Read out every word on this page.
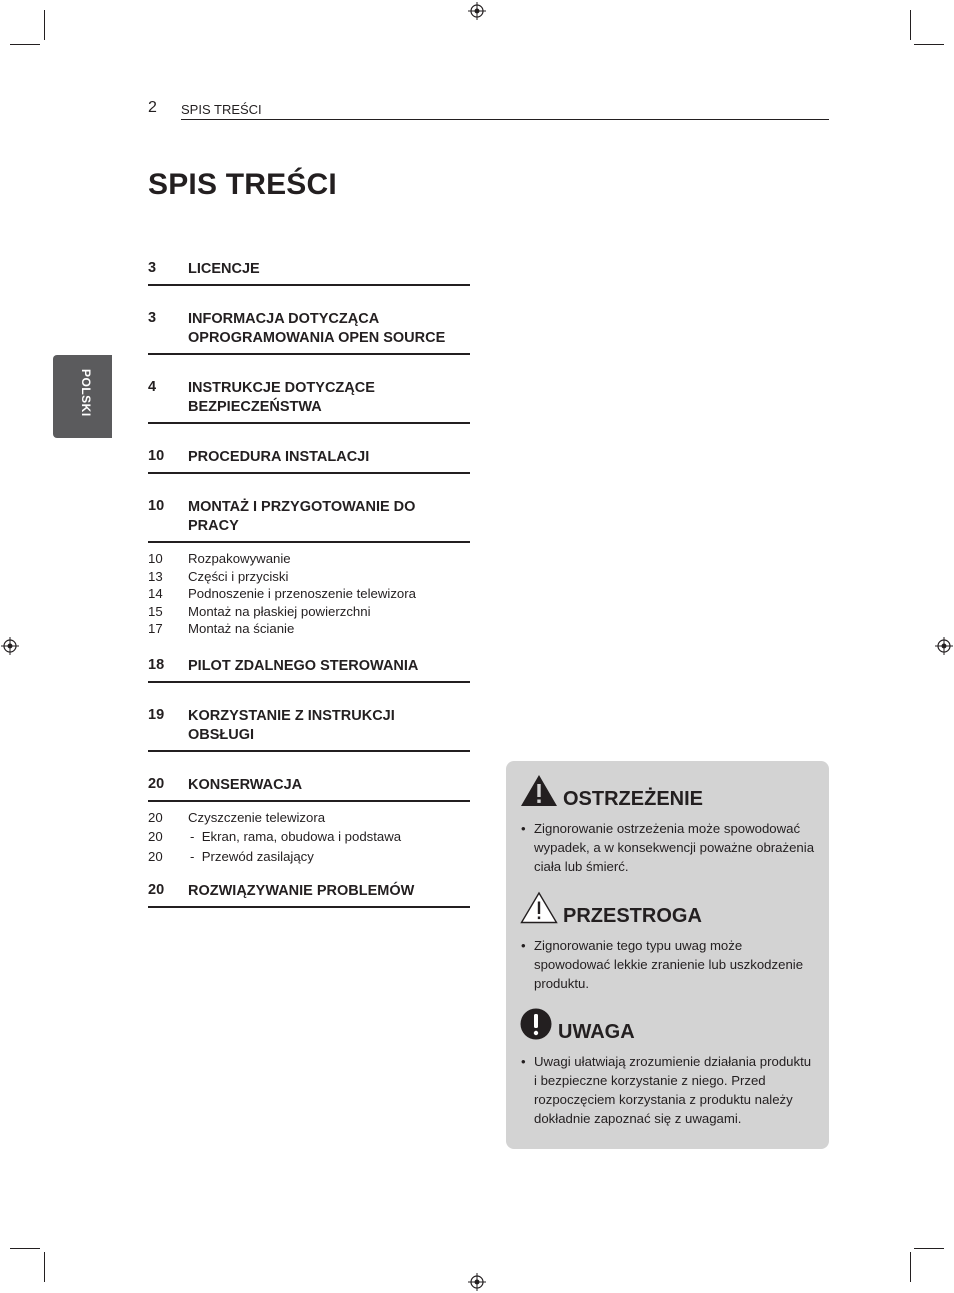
2 SPIS TREŚCI
SPIS TREŚCI
POLSKI
3 LICENCJE
3 INFORMACJA DOTYCZĄCA OPROGRAMOWANIA OPEN SOURCE
4 INSTRUKCJE DOTYCZĄCE BEZPIECZEŃSTWA
10 PROCEDURA INSTALACJI
10 MONTAŻ I PRZYGOTOWANIE DO PRACY
10 Rozpakowywanie
13 Części i przyciski
14 Podnoszenie i przenoszenie telewizora
15 Montaż na płaskiej powierzchni
17 Montaż na ścianie
18 PILOT ZDALNEGO STEROWANIA
19 KORZYSTANIE Z INSTRUKCJI OBSŁUGI
20 KONSERWACJA
20 Czyszczenie telewizora
20 -  Ekran, rama, obudowa i podstawa
20 -  Przewód zasilający
20 ROZWIĄZYWANIE PROBLEMÓW
OSTRZEŻENIE
• Zignorowanie ostrzeżenia może spowodować wypadek, a w konsekwencji poważne obrażenia ciała lub śmierć.
PRZESTROGA
• Zignorowanie tego typu uwag może spowodować lekkie zranienie lub uszkodzenie produktu.
UWAGA
• Uwagi ułatwiają zrozumienie działania produktu i bezpieczne korzystanie z niego. Przed rozpoczęciem korzystania z produktu należy dokładnie zapoznać się z uwagami.
